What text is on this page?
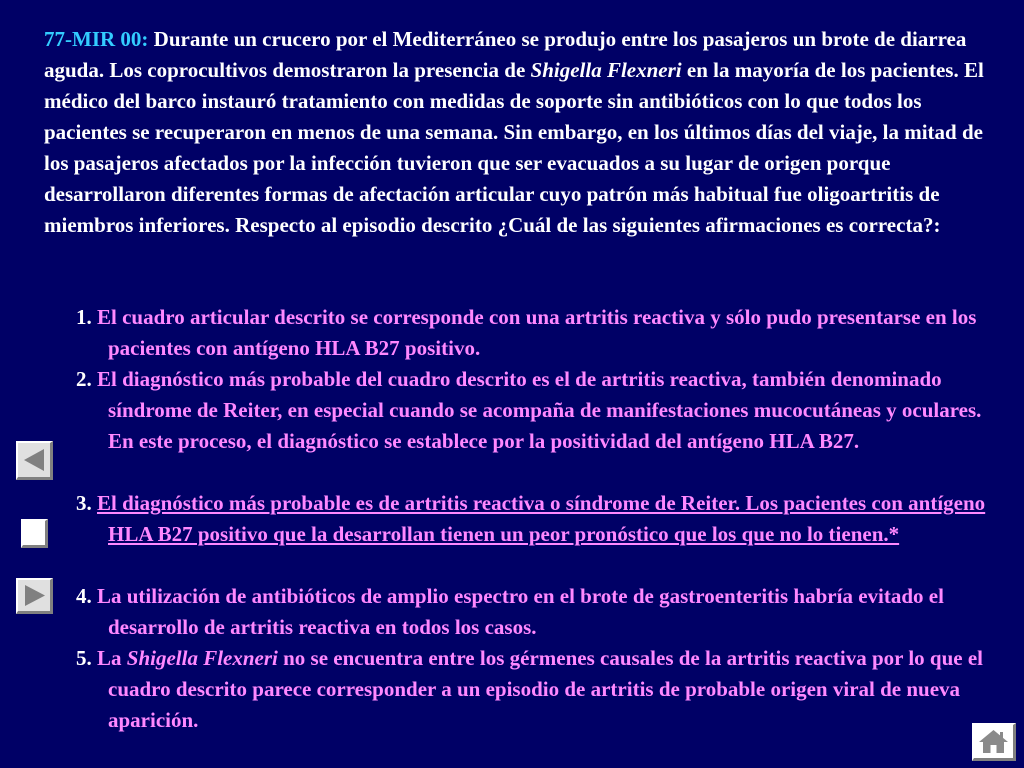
77-MIR 00: Durante un crucero por el Mediterráneo se produjo entre los pasajeros un brote de diarrea aguda. Los coprocultivos demostraron la presencia de Shigella Flexneri en la mayoría de los pacientes. El médico del barco instauró tratamiento con medidas de soporte sin antibióticos con lo que todos los pacientes se recuperaron en menos de una semana. Sin embargo, en los últimos días del viaje, la mitad de los pasajeros afectados por la infección tuvieron que ser evacuados a su lugar de origen porque desarrollaron diferentes formas de afectación articular cuyo patrón más habitual fue oligoartritis de miembros inferiores. Respecto al episodio descrito ¿Cuál de las siguientes afirmaciones es correcta?:
1. El cuadro articular descrito se corresponde con una artritis reactiva y sólo pudo presentarse en los pacientes con antígeno HLA B27 positivo.
2. El diagnóstico más probable del cuadro descrito es el de artritis reactiva, también denominado síndrome de Reiter, en especial cuando se acompaña de manifestaciones mucocutáneas y oculares. En este proceso, el diagnóstico se establece por la positividad del antígeno HLA B27.
3. El diagnóstico más probable es de artritis reactiva o síndrome de Reiter. Los pacientes con antígeno HLA B27 positivo que la desarrollan tienen un peor pronóstico que los que no lo tienen.*
4. La utilización de antibióticos de amplio espectro en el brote de gastroenteritis habría evitado el desarrollo de artritis reactiva en todos los casos.
5. La Shigella Flexneri no se encuentra entre los gérmenes causales de la artritis reactiva por lo que el cuadro descrito parece corresponder a un episodio de artritis de probable origen viral de nueva aparición.
